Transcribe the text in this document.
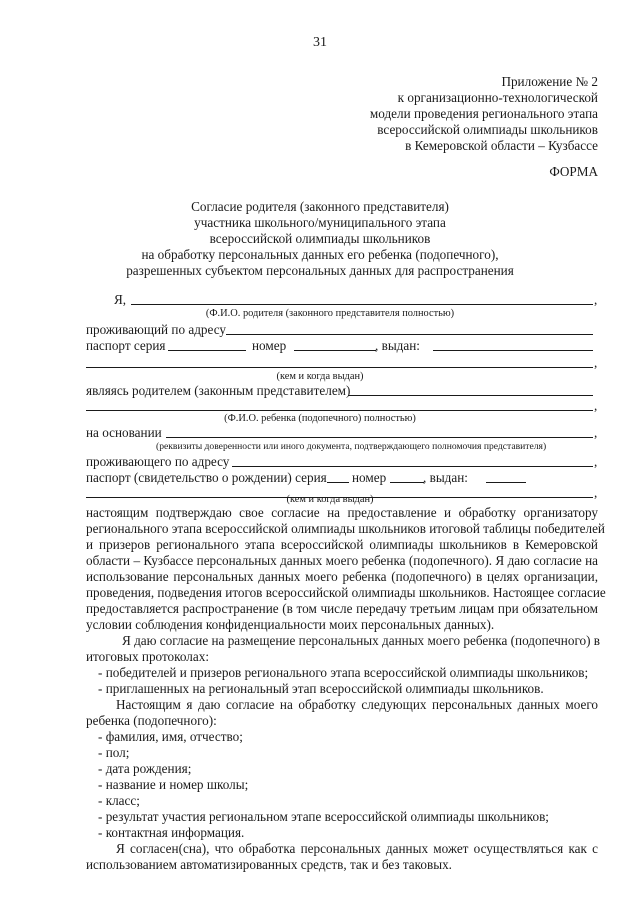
31
Приложение № 2
к организационно-технологической
модели проведения регионального этапа
всероссийской олимпиады школьников
в Кемеровской области – Кузбассе
ФОРМА
Согласие родителя (законного представителя)
участника школьного/муниципального этапа
всероссийской олимпиады школьников
на обработку персональных данных его ребенка (подопечного),
разрешенных субъектом персональных данных для распространения
Я,	,
(Ф.И.О. родителя (законного представителя полностью)
проживающий по адресу
паспорт серия	номер	, выдан:
,
(кем и когда выдан)
являясь родителем (законным представителем)
,
(Ф.И.О. ребенка (подопечного) полностью)
на основании	,
(реквизиты доверенности или иного документа, подтверждающего полномочия представителя)
проживающего по адресу	,
паспорт (свидетельство о рождении) серия номер	, выдан:
,
(кем и когда выдан)
настоящим подтверждаю свое согласие на предоставление и обработку организатору
регионального этапа всероссийской олимпиады школьников итоговой таблицы победителей
и призеров регионального этапа всероссийской олимпиады школьников в Кемеровской
области – Кузбассе персональных данных моего ребенка (подопечного). Я даю согласие на
использование персональных данных моего ребенка (подопечного) в целях организации,
проведения, подведения итогов всероссийской олимпиады школьников. Настоящее согласие
предоставляется распространение (в том числе передачу третьим лицам при обязательном
условии соблюдения конфиденциальности моих персональных данных).
Я даю согласие на размещение персональных данных моего ребенка (подопечного) в
итоговых протоколах:
- победителей и призеров регионального этапа всероссийской олимпиады школьников;
- приглашенных на региональный этап всероссийской олимпиады школьников.
Настоящим я даю согласие на обработку следующих персональных данных моего
ребенка (подопечного):
- фамилия, имя, отчество;
- пол;
- дата рождения;
- название и номер школы;
- класс;
- результат участия региональном этапе всероссийской олимпиады школьников;
- контактная информация.
Я согласен(сна), что обработка персональных данных может осуществляться как с
использованием автоматизированных средств, так и без таковых.
